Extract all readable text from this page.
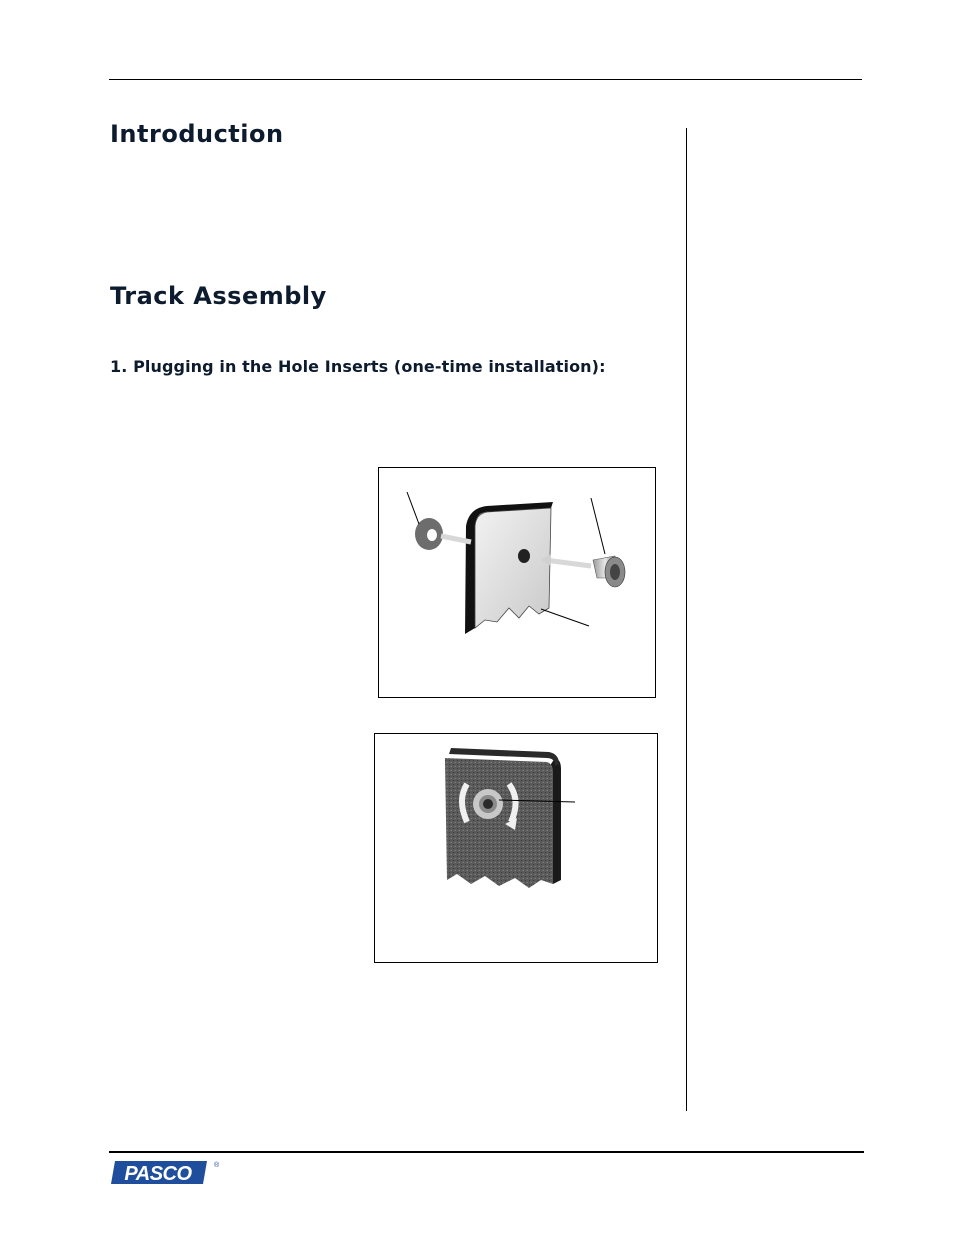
Introduction
Track Assembly
1. Plugging in the Hole Inserts (one-time installation):
PASCO	®
